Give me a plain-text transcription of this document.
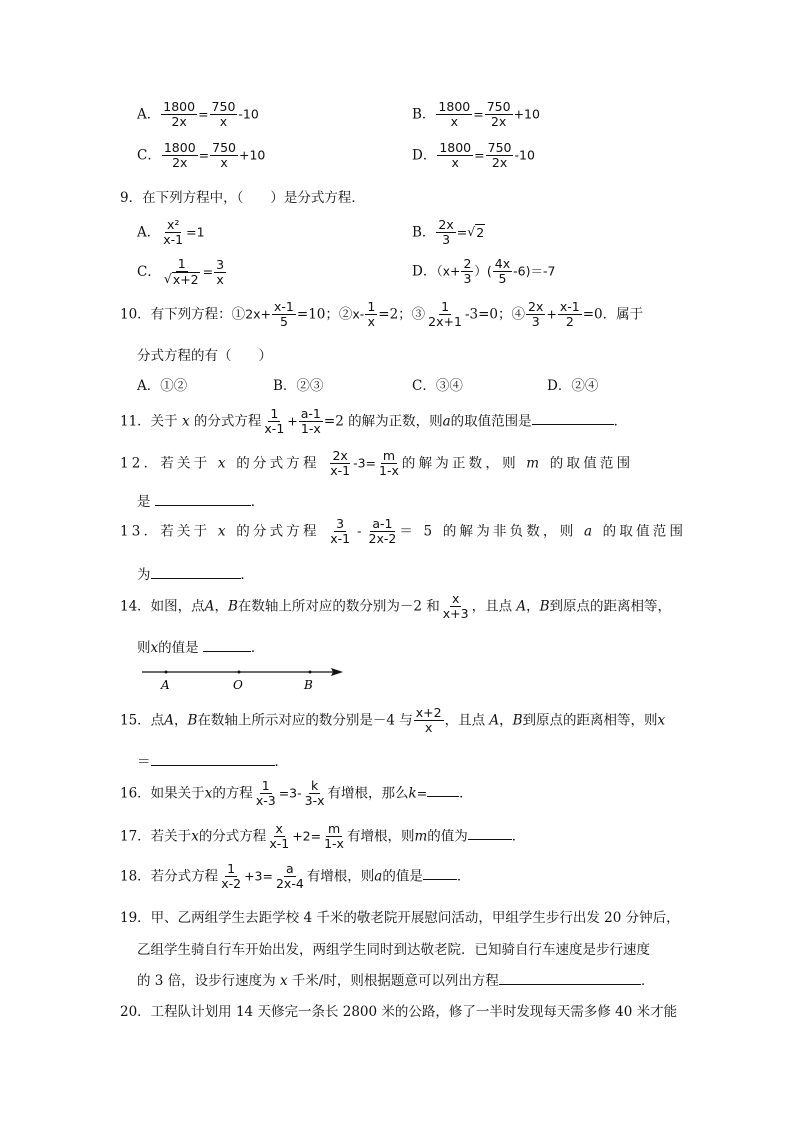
A． $\frac{1800}{2x} = \frac{750}{x} -10$	B． $\frac{1800}{x} = \frac{750}{2x} +10$
C． $\frac{1800}{2x} = \frac{750}{x} +10$	D． $\frac{1800}{x} = \frac{750}{2x} -10$
9．在下列方程中，（　　）是分式方程．
A． $\frac{\text{x²}}{x-1} =1$	B． $\frac{2x}{3}$ =√ 2
C． $\frac{1}{√ x+2} = \frac{3}{x}$	D．（$x+ \frac{2}{3}$ ）( $\frac{4x}{5} -6)=-7$
10．有下列方程：①2x+ $\frac{x-1}{5} =10$；②x- $\frac{1}{x} =2$；③ $\frac{1}{2x+1} -3=0$；④ $\frac{2x}{3} + \frac{x-1}{2} =0$．属于
分式方程的有（　　）
A．①②	B．②③	C．③④	D．②④
11．关于 x 的分式方程 $\frac{1}{x-1} + \frac{a-1}{1-x} =2$ 的解为正数，则a的取值范围是	．
12．若关于 x 的分式方程 $\frac{2x}{x-1} -3= \frac{m}{1-x}$ 的解为正数，则 m 的取值范围
是	．
13．若关于 x 的分式方程 $\frac{3}{x-1} - \frac{a-1}{2x-2} = 5$ 的解为非负数，则 a 的取值范围
为	．
14．如图，点A，B在数轴上所对应的数分别为－2 和 $\frac{x}{x+3}$ ，且点 A，B到原点的距离相等，
则x的值是	．
A	O	B
15．点A，B在数轴上所示对应的数分别是－4 与 $\frac{x+2}{x}$ ，且点 A，B到原点的距离相等，则x
＝	．
16．如果关于x的方程 $\frac{1}{x-3} =3- \frac{k}{3-x}$ 有增根，那么k= ．
17．若关于x的分式方程 $\frac{x}{x-1} +2= \frac{m}{1-x}$ 有增根，则m的值为	．
18．若分式方程 $\frac{1}{x-2} +3= \frac{a}{2x-4}$ 有增根，则a的值是	．
19．甲、乙两组学生去距学校 4 千米的敬老院开展慰问活动，甲组学生步行出发 20 分钟后，
乙组学生骑自行车开始出发，两组学生同时到达敬老院．已知骑自行车速度是步行速度
的 3 倍，设步行速度为 x 千米/时，则根据题意可以列出方程	．
20．工程队计划用 14 天修完一条长 2800 米的公路，修了一半时发现每天需多修 40 米才能
